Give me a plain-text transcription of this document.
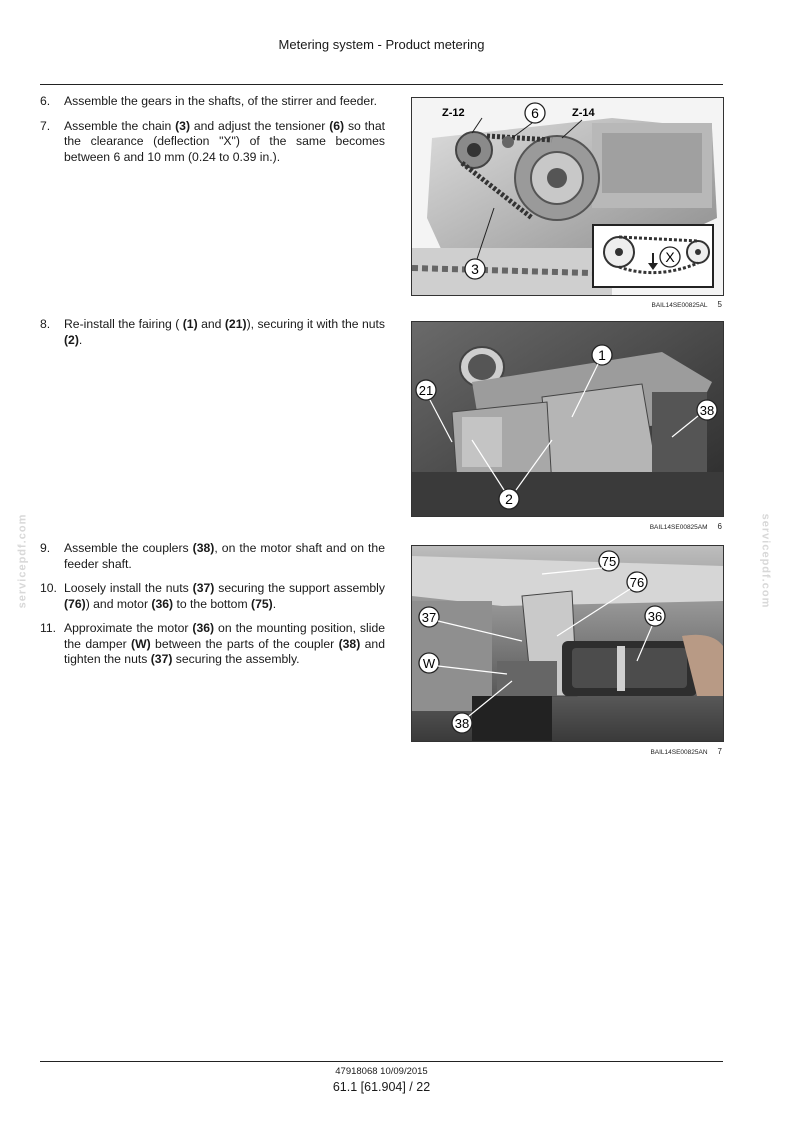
Metering system - Product metering
6.	Assemble the gears in the shafts, of the stirrer and feeder.
7.	Assemble the chain (3) and adjust the tensioner (6) so that the clearance (deflection "X") of the same becomes between 6 and 10 mm (0.24 to 0.39 in.).
8.	Re-install the fairing ( (1) and (21)), securing it with the nuts (2).
9.	Assemble the couplers (38), on the motor shaft and on the feeder shaft.
10. Loosely install the nuts (37) securing the support assembly (76)) and motor (36) to the bottom (75).
11. Approximate the motor (36) on the mounting position, slide the damper (W) between the parts of the coupler (38) and tighten the nuts (37) securing the assembly.
X
Z-12	6	Z-14
3
BAIL14SE00825AL 5
1
21
38
2
BAIL14SE00825AM 6
75
76
36
37
W
38
BAIL14SE00825AN 7
servicepdf.com	servicepdf.com
47918068 10/09/2015
61.1 [61.904] / 22
